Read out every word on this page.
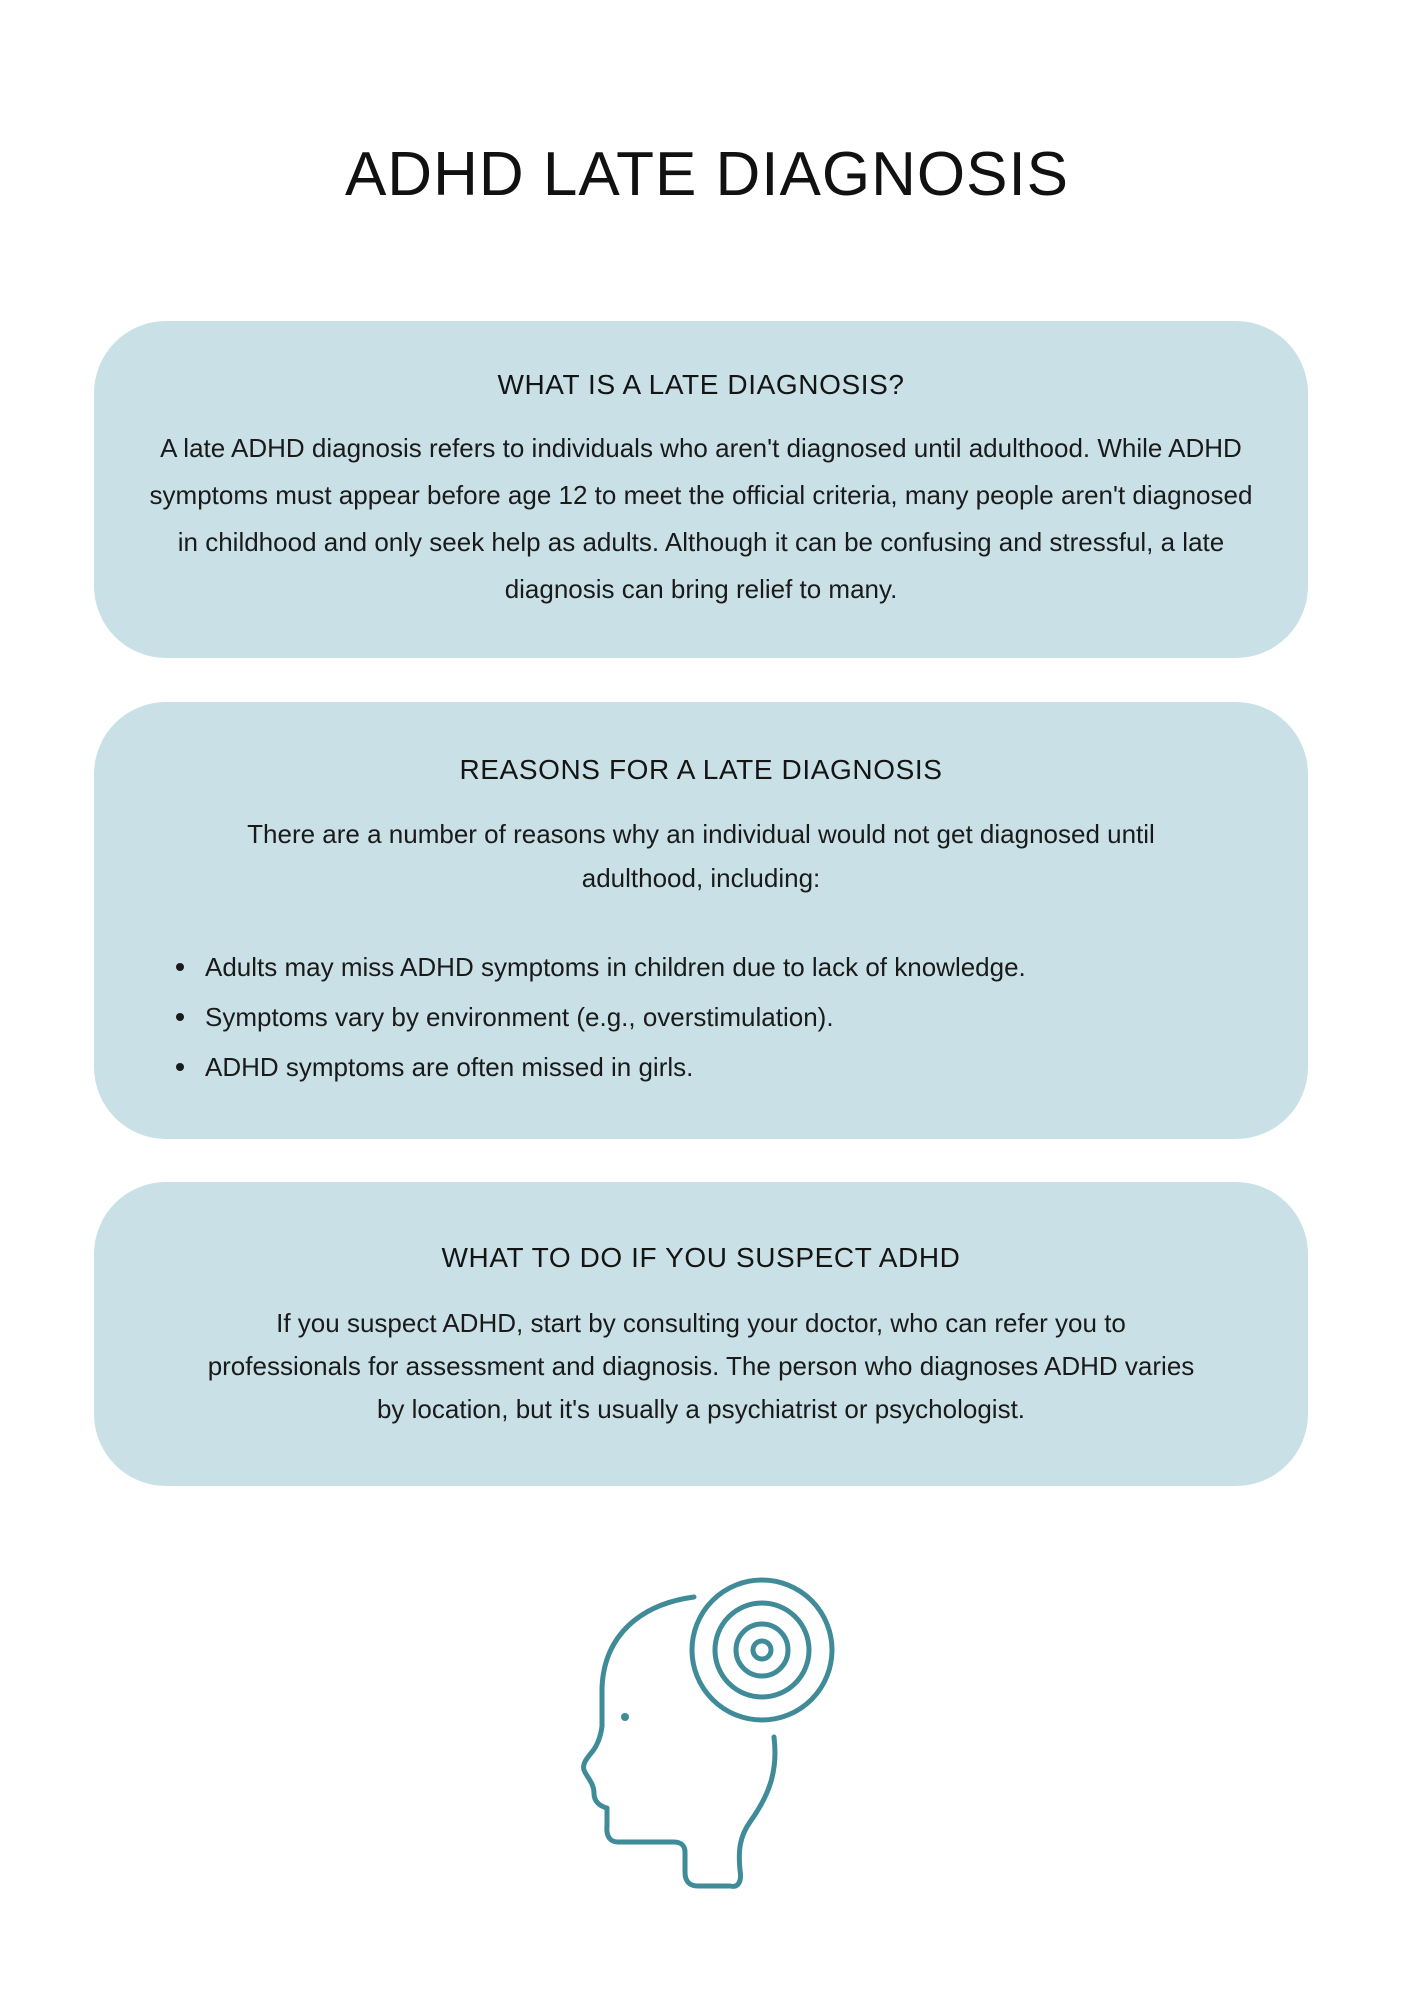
ADHD LATE DIAGNOSIS
WHAT IS A LATE DIAGNOSIS?

A late ADHD diagnosis refers to individuals who aren't diagnosed until adulthood. While ADHD symptoms must appear before age 12 to meet the official criteria, many people aren't diagnosed in childhood and only seek help as adults. Although it can be confusing and stressful, a late diagnosis can bring relief to many.

REASONS FOR A LATE DIAGNOSIS

There are a number of reasons why an individual would not get diagnosed until adulthood, including:

Adults may miss ADHD symptoms in children due to lack of knowledge.
Symptoms vary by environment (e.g., overstimulation).
ADHD symptoms are often missed in girls.
WHAT TO DO IF YOU SUSPECT ADHD

If you suspect ADHD, start by consulting your doctor, who can refer you to professionals for assessment and diagnosis. The person who diagnoses ADHD varies by location, but it's usually a psychiatrist or psychologist.
